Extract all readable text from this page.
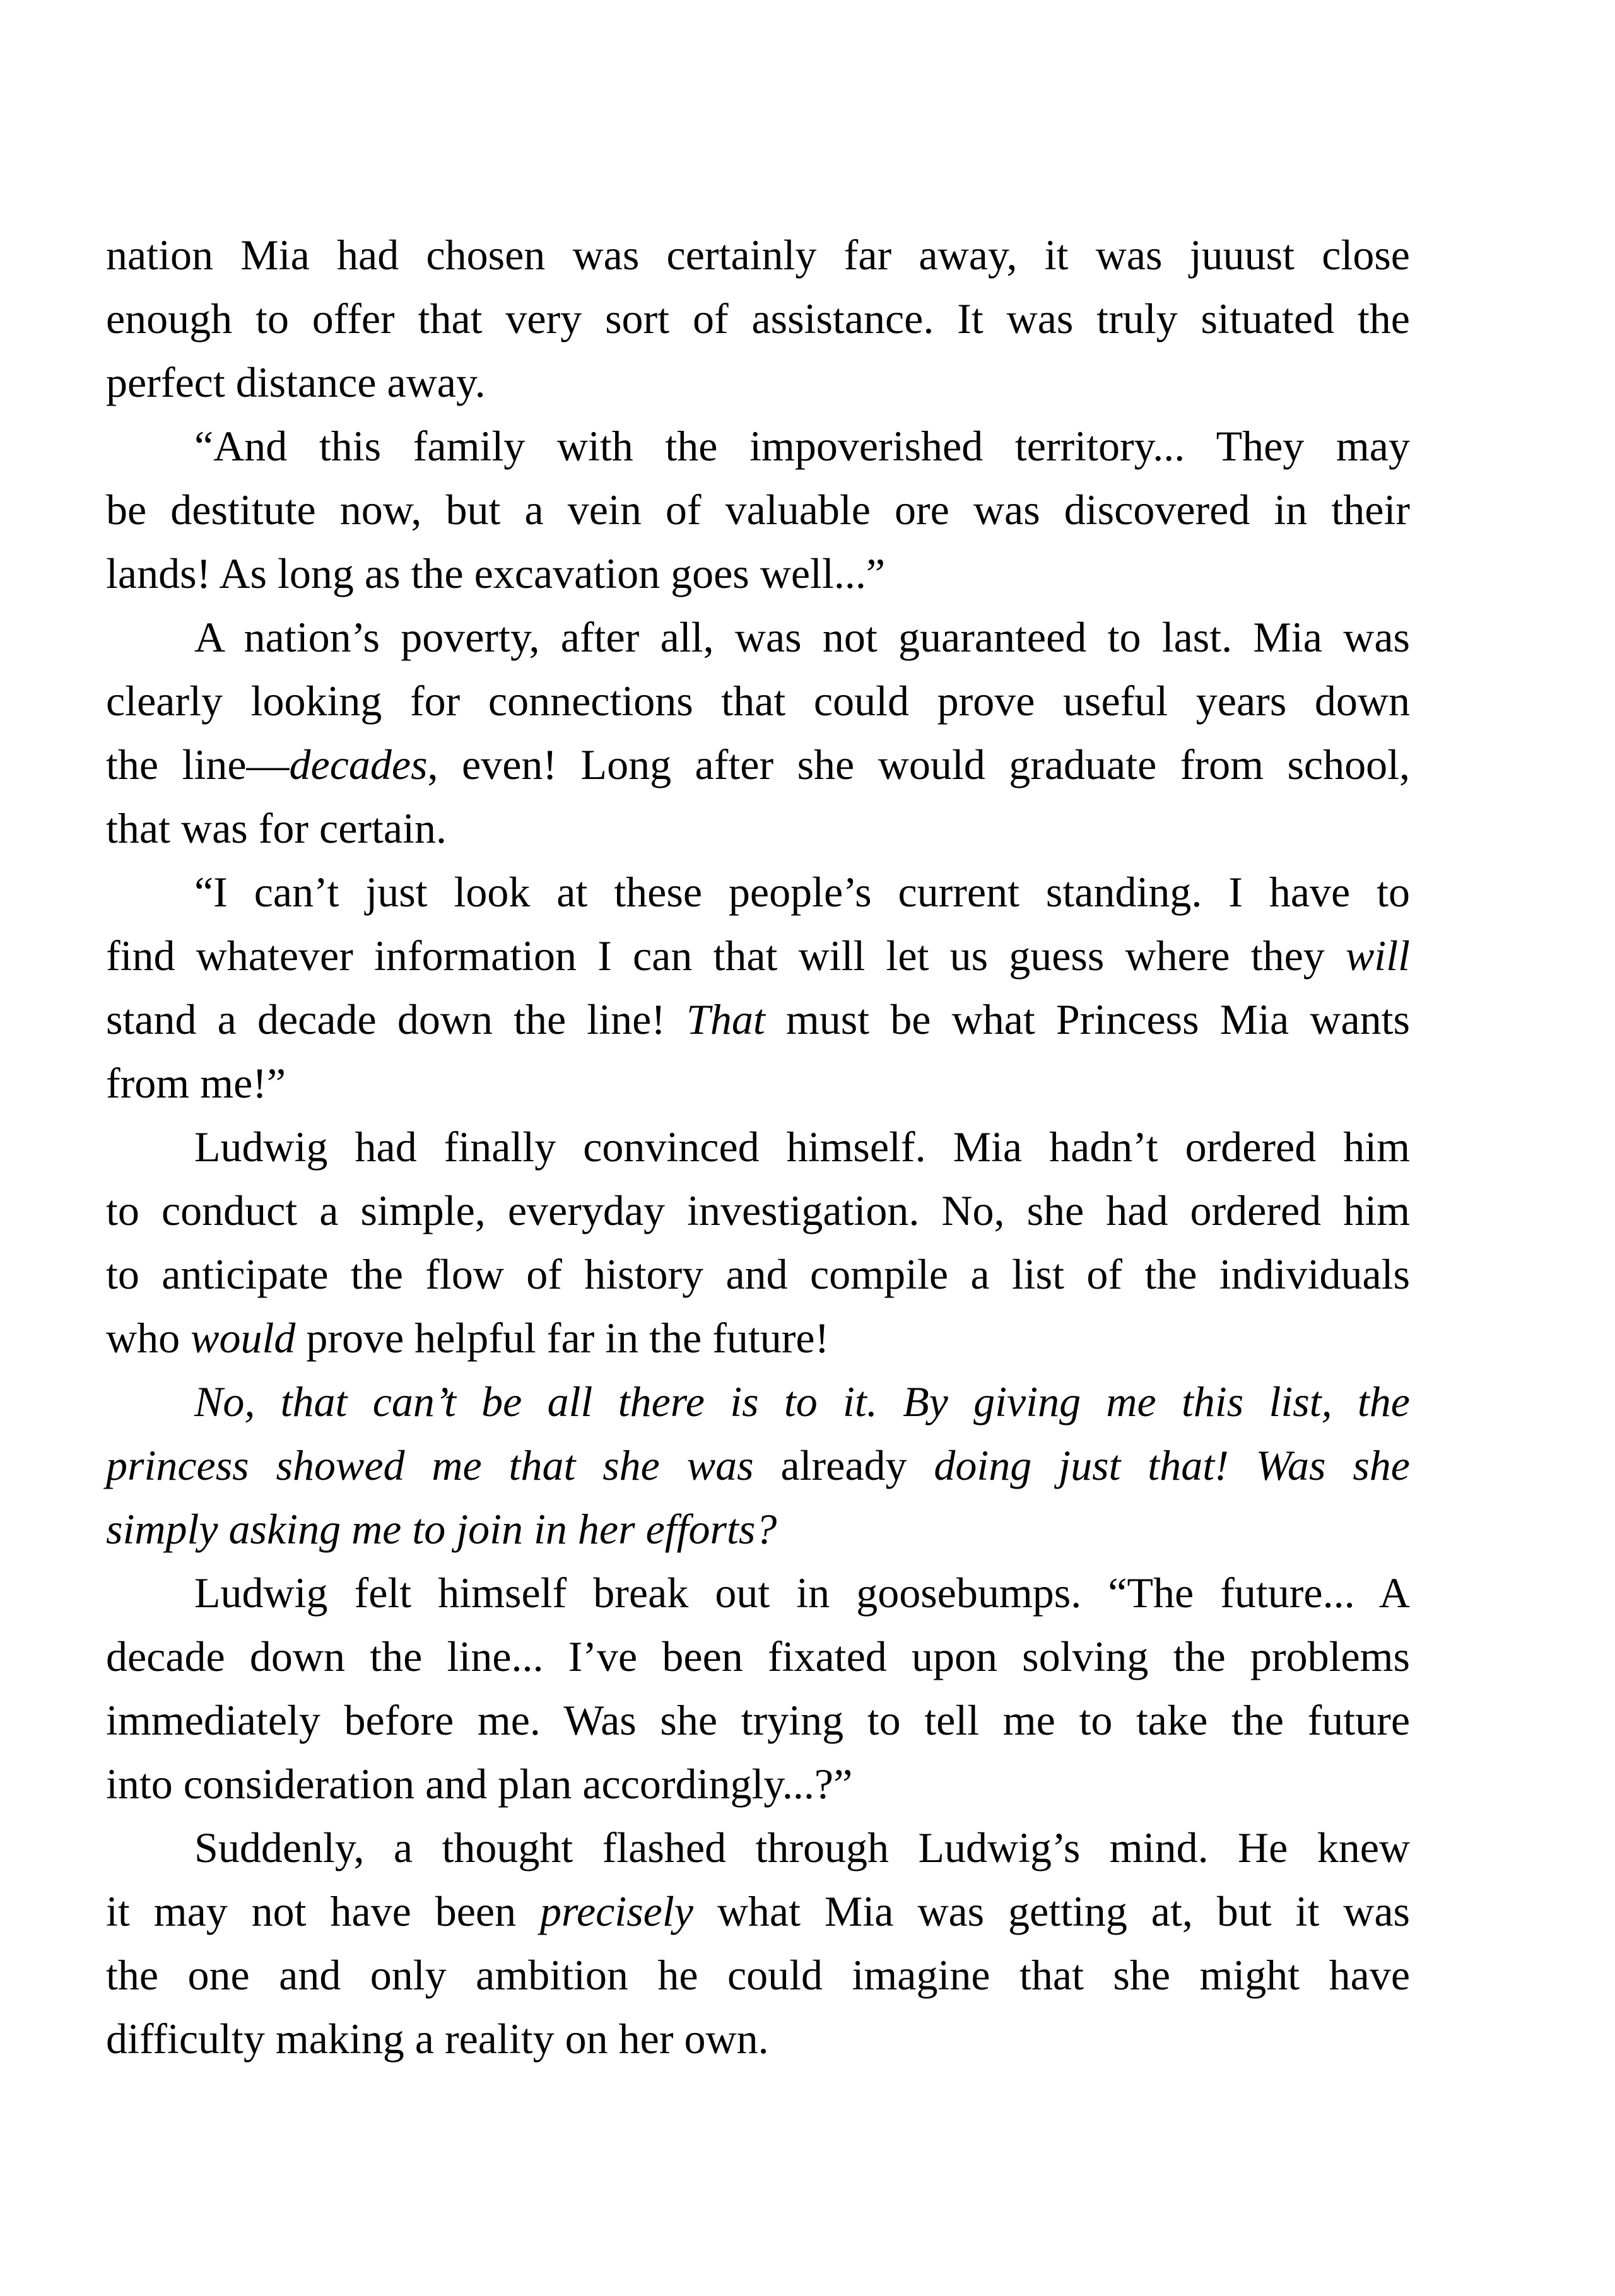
nation Mia had chosen was certainly far away, it was juuust close
enough to offer that very sort of assistance. It was truly situated the
perfect distance away.
“And this family with the impoverished territory... They may
be destitute now, but a vein of valuable ore was discovered in their
lands! As long as the excavation goes well...”
A nation’s poverty, after all, was not guaranteed to last. Mia was
clearly looking for connections that could prove useful years down
the line—decades, even! Long after she would graduate from school,
that was for certain.
“I can’t just look at these people’s current standing. I have to
find whatever information I can that will let us guess where they will
stand a decade down the line! That must be what Princess Mia wants
from me!”
Ludwig had finally convinced himself. Mia hadn’t ordered him
to conduct a simple, everyday investigation. No, she had ordered him
to anticipate the flow of history and compile a list of the individuals
who would prove helpful far in the future!
No, that can’t be all there is to it. By giving me this list, the
princess showed me that she was already doing just that! Was she
simply asking me to join in her efforts?
Ludwig felt himself break out in goosebumps. “The future... A
decade down the line... I’ve been fixated upon solving the problems
immediately before me. Was she trying to tell me to take the future
into consideration and plan accordingly...?”
Suddenly, a thought flashed through Ludwig’s mind. He knew
it may not have been precisely what Mia was getting at, but it was
the one and only ambition he could imagine that she might have
difficulty making a reality on her own.
